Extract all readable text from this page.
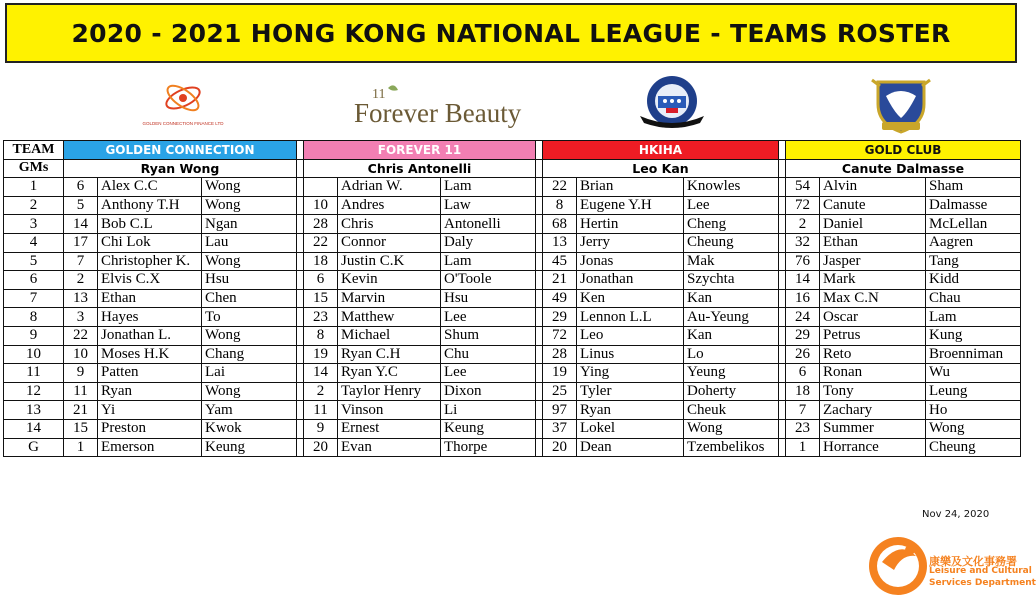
2020 - 2021 HONG KONG NATIONAL LEAGUE - TEAMS ROSTER
GOLDEN CONNECTION FINANCE LTD
11
Forever Beauty
TEAM	GOLDEN CONNECTION				FOREVER 11				HKIHA				GOLD CLUB		
GMs	Ryan Wong				Chris Antonelli				Leo Kan				Canute Dalmasse		
1	6	Alex C.C	Wong			Adrian W.	Lam		22	Brian	Knowles		54	Alvin	Sham
2	5	Anthony T.H	Wong		10	Andres	Law		8	Eugene Y.H	Lee		72	Canute	Dalmasse
3	14	Bob C.L	Ngan		28	Chris	Antonelli		68	Hertin	Cheng		2	Daniel	McLellan
4	17	Chi Lok	Lau		22	Connor	Daly		13	Jerry	Cheung		32	Ethan	Aagren
5	7	Christopher K.	Wong		18	Justin C.K	Lam		45	Jonas	Mak		76	Jasper	Tang
6	2	Elvis C.X	Hsu		6	Kevin	O'Toole		21	Jonathan	Szychta		14	Mark	Kidd
7	13	Ethan	Chen		15	Marvin	Hsu		49	Ken	Kan		16	Max C.N	Chau
8	3	Hayes	To		23	Matthew	Lee		29	Lennon L.L	Au-Yeung		24	Oscar	Lam
9	22	Jonathan L.	Wong		8	Michael	Shum		72	Leo	Kan		29	Petrus	Kung
10	10	Moses H.K	Chang		19	Ryan C.H	Chu		28	Linus	Lo		26	Reto	Broenniman
11	9	Patten	Lai		14	Ryan Y.C	Lee		19	Ying	Yeung		6	Ronan	Wu
12	11	Ryan	Wong		2	Taylor Henry	Dixon		25	Tyler	Doherty		18	Tony	Leung
13	21	Yi	Yam		11	Vinson	Li		97	Ryan	Cheuk		7	Zachary	Ho
14	15	Preston	Kwok		9	Ernest	Keung		37	Lokel	Wong		23	Summer	Wong
G	1	Emerson	Keung		20	Evan	Thorpe		20	Dean	Tzembelikos		1	Horrance	Cheung
Nov 24, 2020
康樂及文化事務署
Leisure and Cultural
Services Department
